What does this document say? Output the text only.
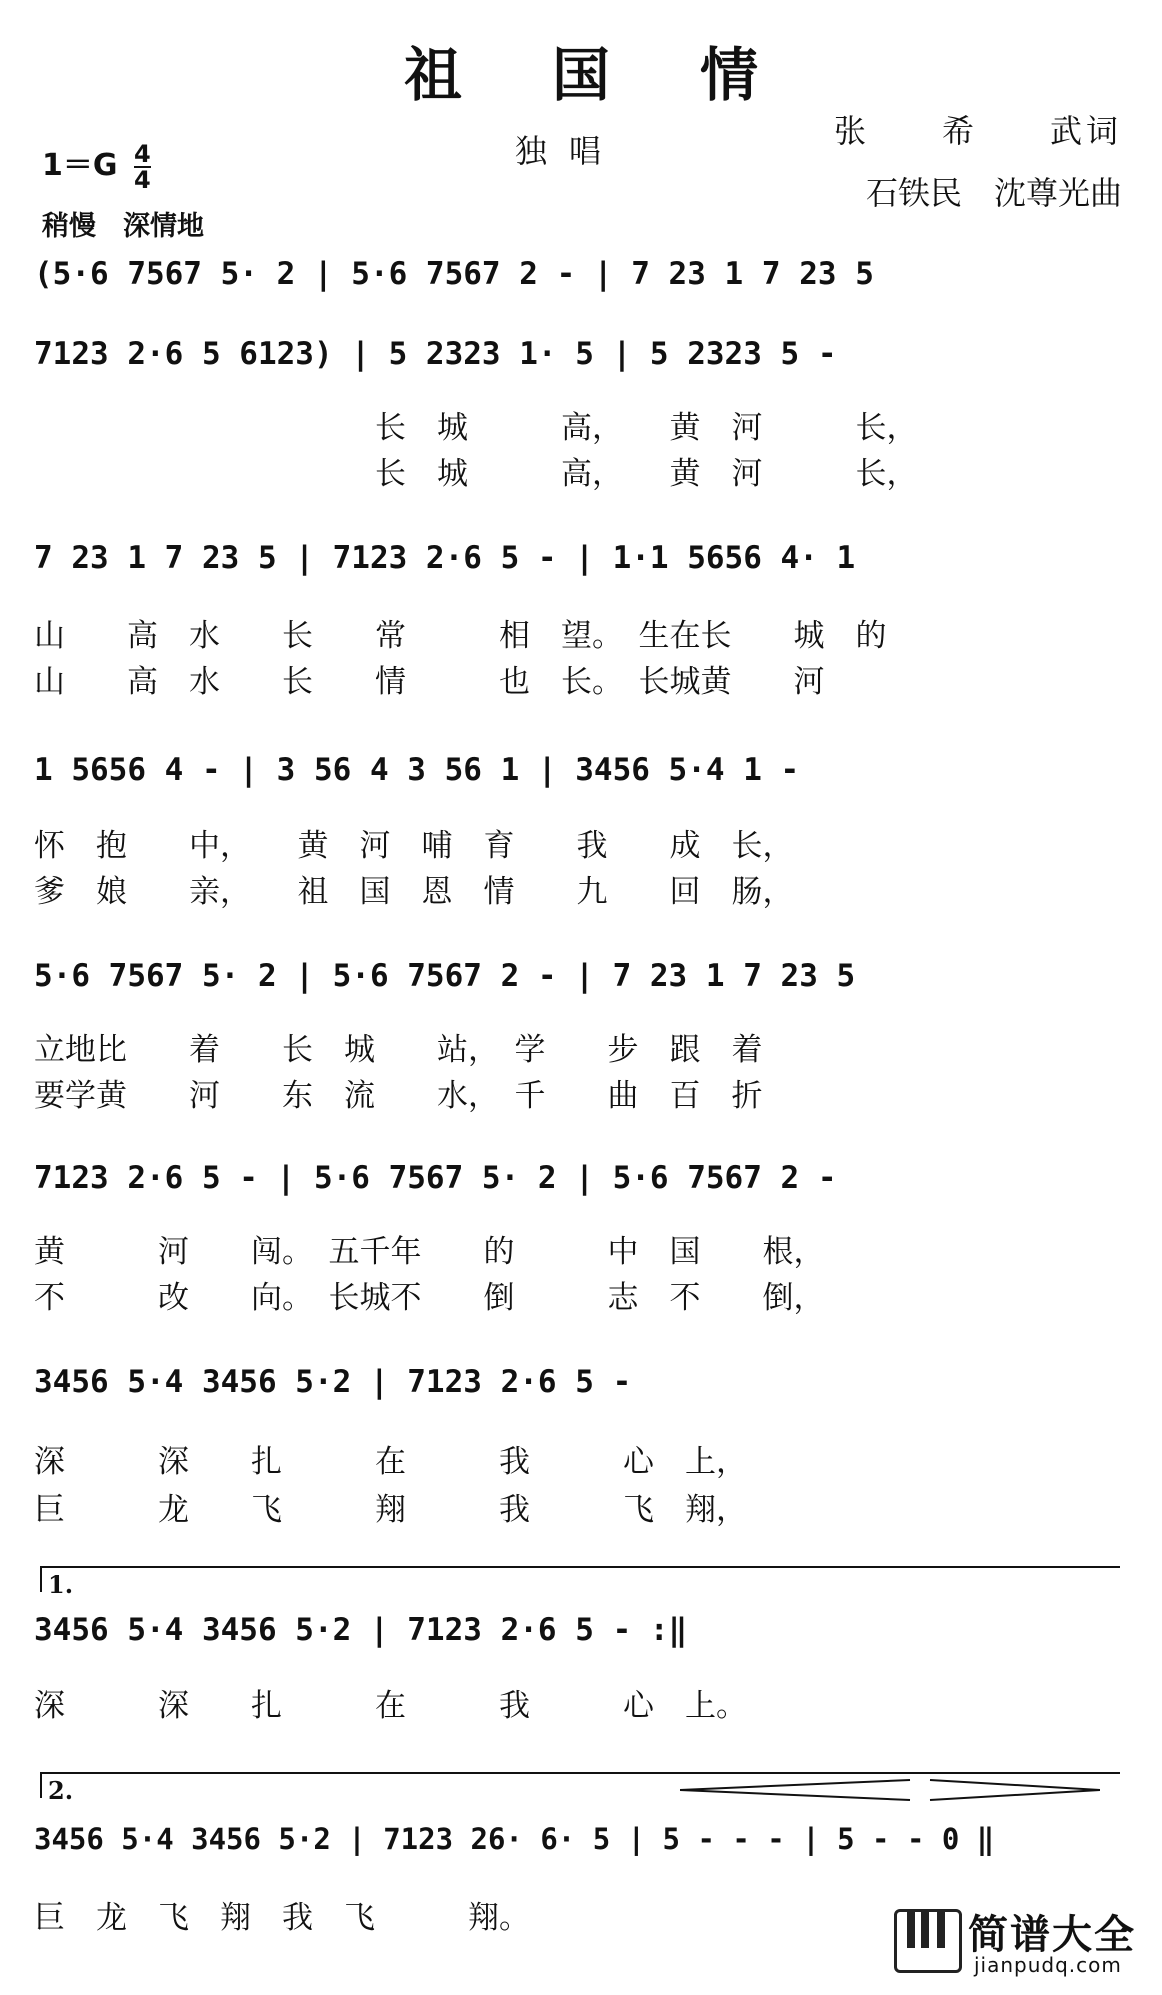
祖国情
$1=G \frac{4}{4}$	独唱
张　　希　　武词
石铁民　沈尊光曲
稍慢　深情地
(5·6 7567 5· 2 | 5·6 7567 2 - | 7 23 1 7 23 5
7123 2·6 5 6123) | 5 2323 1· 5 | 5 2323 5 -
　　　　　　　　　　　长　城　　　高，　　黄　河　　　长，
　　　　　　　　　　　长　城　　　高，　　黄　河　　　长，
7 23 1 7 23 5 | 7123 2·6 5 - | 1·1 5656 4· 1
山　　高　水　　长　　常　　　相　望。　生在长　　城　的
山　　高　水　　长　　情　　　也　长。　长城黄　　河
1 5656 4 - | 3 56 4 3 56 1 | 3456 5·4 1 -
怀　抱　　中，　　黄　河　哺　育　　我　　成　长，
爹　娘　　亲，　　祖　国　恩　情　　九　　回　肠，
5·6 7567 5· 2 | 5·6 7567 2 - | 7 23 1 7 23 5
立地比　　着　　长　城　　站，　学　　步　跟　着
要学黄　　河　　东　流　　水，　千　　曲　百　折
7123 2·6 5 - | 5·6 7567 5· 2 | 5·6 7567 2 -
黄　　　河　　闯。　五千年　　的　　　中　国　　根，
不　　　改　　向。　长城不　　倒　　　志　不　　倒，
3456 5·4 3456 5·2 | 7123 2·6 5 -
深　　　深　　扎　　　在　　　我　　　心　上，
巨　　　龙　　飞　　　翔　　　我　　　飞　翔，
1.
3456 5·4 3456 5·2 | 7123 2·6 5 - :‖
深　　　深　　扎　　　在　　　我　　　心　上。
2.
3456 5·4 3456 5·2 | 7123 26· 6· 5 | 5 - - - | 5 - - 0 ‖
巨　龙　飞　翔　我　飞　　　翔。	简谱大全
jianpudq.com
